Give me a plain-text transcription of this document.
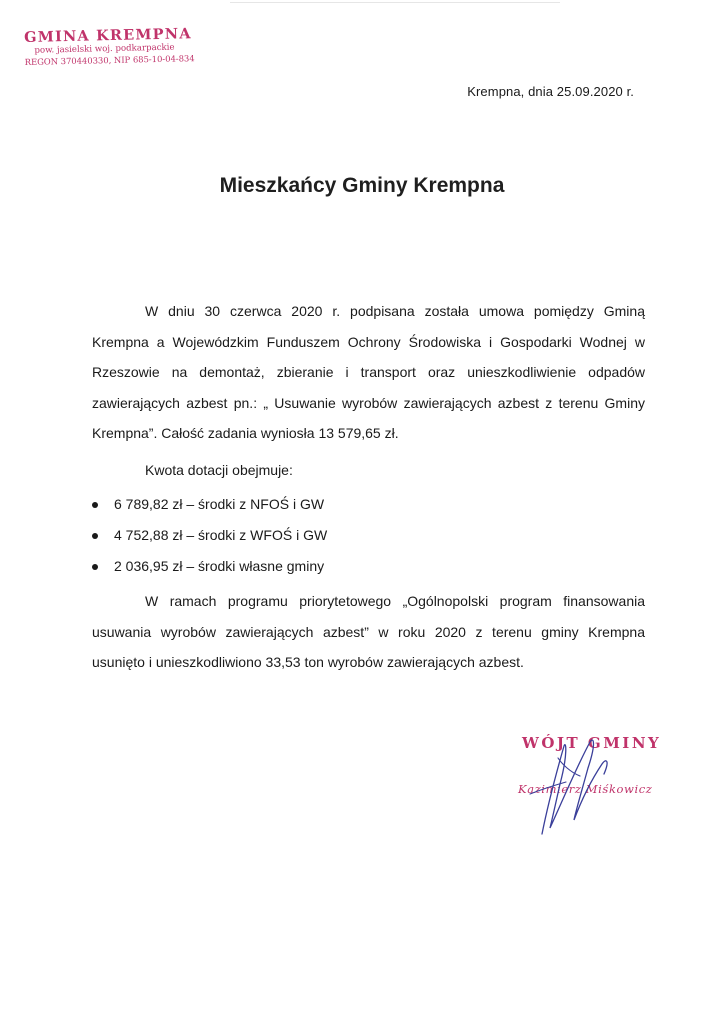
GMINA KREMPNA
pow. jasielski woj. podkarpackie
REGON 370440330, NIP 685-10-04-834
Krempna, dnia 25.09.2020 r.
Mieszkańcy Gminy Krempna

W dniu 30 czerwca 2020 r. podpisana została umowa pomiędzy Gminą Krempna a Wojewódzkim Funduszem Ochrony Środowiska i Gospodarki Wodnej w Rzeszowie na demontaż, zbieranie i transport oraz unieszkodliwienie odpadów zawierających azbest pn.: „ Usuwanie wyrobów zawierających azbest z terenu Gminy Krempna”. Całość zadania wyniosła 13 579,65 zł.

Kwota dotacji obejmuje:

6 789,82 zł – środki z NFOŚ i GW
4 752,88 zł – środki z WFOŚ i GW
2 036,95 zł – środki własne gminy

W ramach programu priorytetowego „Ogólnopolski program finansowania usuwania wyrobów zawierających azbest” w roku 2020 z terenu gminy Krempna usunięto i unieszkodliwiono 33,53 ton wyrobów zawierających azbest.

WÓJT GMINY
Kazimierz Miśkowicz
